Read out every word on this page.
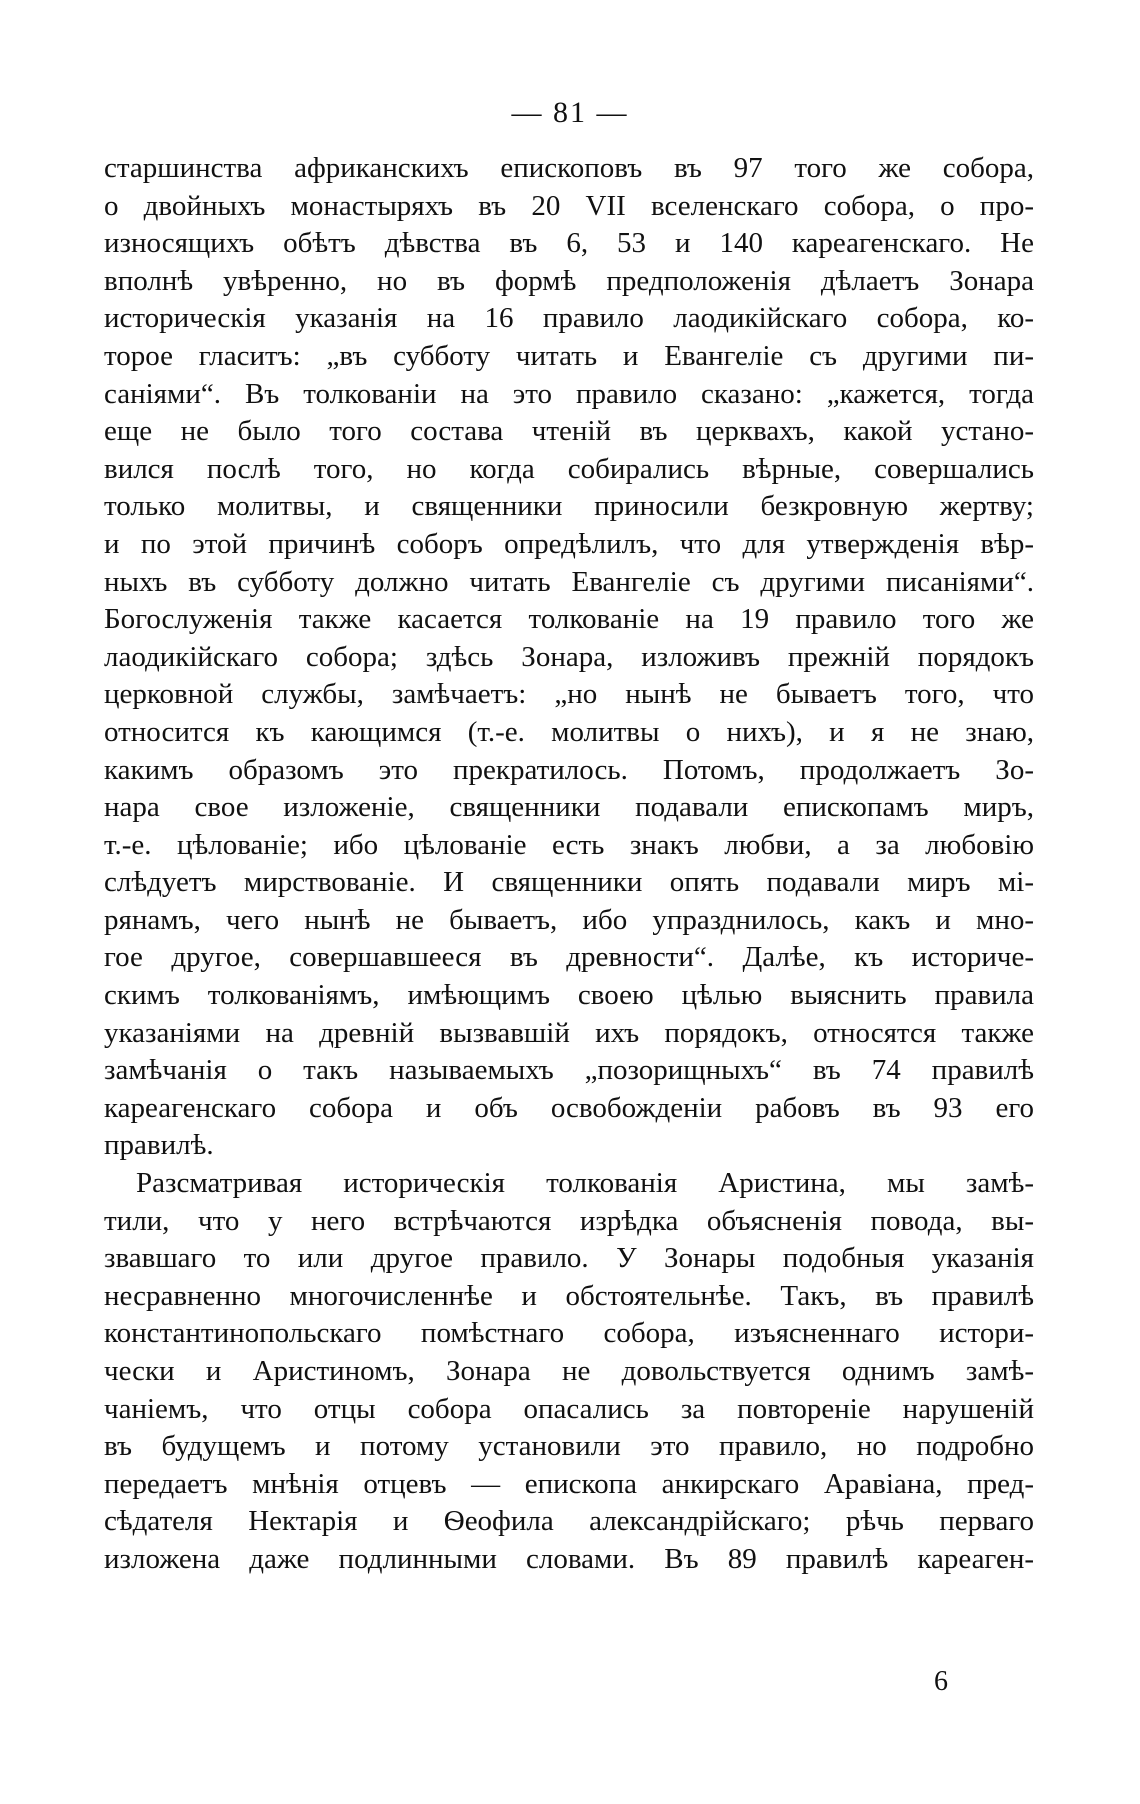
— 81 —
старшинства африканскихъ епископовъ въ 97 того же собора,
о двойныхъ монастыряхъ въ 20 VII вселенскаго собора, о про-
износящихъ обѣтъ дѣвства въ 6, 53 и 140 кареагенскаго. Не
вполнѣ увѣренно, но въ формѣ предположенія дѣлаетъ Зонара
историческія указанія на 16 правило лаодикійскаго собора, ко-
торое гласитъ: „въ субботу читать и Евангеліе съ другими пи-
саніями“. Въ толкованіи на это правило сказано: „кажется, тогда
еще не было того состава чтеній въ церквахъ, какой устано-
вился послѣ того, но когда собирались вѣрные, совершались
только молитвы, и священники приносили безкровную жертву;
и по этой причинѣ соборъ опредѣлилъ, что для утвержденія вѣр-
ныхъ въ субботу должно читать Евангеліе съ другими писаніями“.
Богослуженія также касается толкованіе на 19 правило того же
лаодикійскаго собора; здѣсь Зонара, изложивъ прежній порядокъ
церковной службы, замѣчаетъ: „но нынѣ не бываетъ того, что
относится къ кающимся (т.-е. молитвы о нихъ), и я не знаю,
какимъ образомъ это прекратилось. Потомъ, продолжаетъ Зо-
нара свое изложеніе, священники подавали епископамъ миръ,
т.-е. цѣлованіе; ибо цѣлованіе есть знакъ любви, а за любовію
слѣдуетъ мирствованіе. И священники опять подавали миръ мі-
рянамъ, чего нынѣ не бываетъ, ибо упразднилось, какъ и мно-
гое другое, совершавшееся въ древности“. Далѣе, къ историче-
скимъ толкованіямъ, имѣющимъ своею цѣлью выяснить правила
указаніями на древній вызвавшій ихъ порядокъ, относятся также
замѣчанія о такъ называемыхъ „позорищныхъ“ въ 74 правилѣ
кареагенскаго собора и объ освобожденіи рабовъ въ 93 его
правилѣ.
Разсматривая историческія толкованія Аристина, мы замѣ-
тили, что у него встрѣчаются изрѣдка объясненія повода, вы-
звавшаго то или другое правило. У Зонары подобныя указанія
несравненно многочисленнѣе и обстоятельнѣе. Такъ, въ правилѣ
константинопольскаго помѣстнаго собора, изъясненнаго истори-
чески и Аристиномъ, Зонара не довольствуется однимъ замѣ-
чаніемъ, что отцы собора опасались за повтореніе нарушеній
въ будущемъ и потому установили это правило, но подробно
передаетъ мнѣнія отцевъ — епископа анкирскаго Аравіана, пред-
сѣдателя Нектарія и Ѳеофила александрійскаго; рѣчь перваго
изложена даже подлинными словами. Въ 89 правилѣ кареаген-
6
